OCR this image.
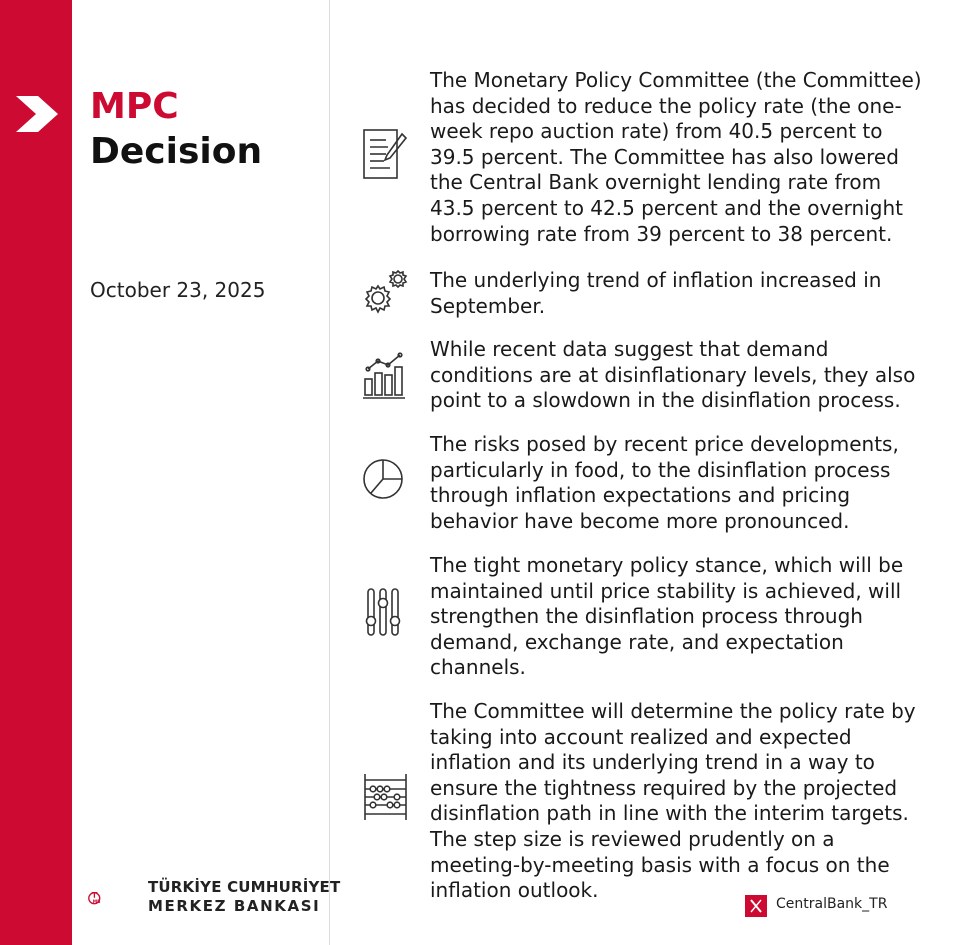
MPC
Decision
October 23, 2025
The Monetary Policy Committee (the Committee) has decided to reduce the policy rate (the one-week repo auction rate) from 40.5 percent to 39.5 percent. The Committee has also lowered the Central Bank overnight lending rate from 43.5 percent to 42.5 percent and the overnight borrowing rate from 39 percent to 38 percent.
The underlying trend of inflation increased in September.
While recent data suggest that demand conditions are at disinflationary levels, they also point to a slowdown in the disinflation process.
The risks posed by recent price developments, particularly in food, to the disinflation process through inflation expectations and pricing behavior have become more pronounced.
The tight monetary policy stance, which will be maintained until price stability is achieved, will strengthen the disinflation process through demand, exchange rate, and expectation channels.
The Committee will determine the policy rate by taking into account realized and expected inflation and its underlying trend in a way to ensure the tightness required by the projected disinflation path in line with the interim targets. The step size is reviewed prudently on a meeting-by-meeting basis with a focus on the inflation outlook.
MB
TÜRKİYE CUMHURİYET
MERKEZ BANKASI	CentralBank_TR
